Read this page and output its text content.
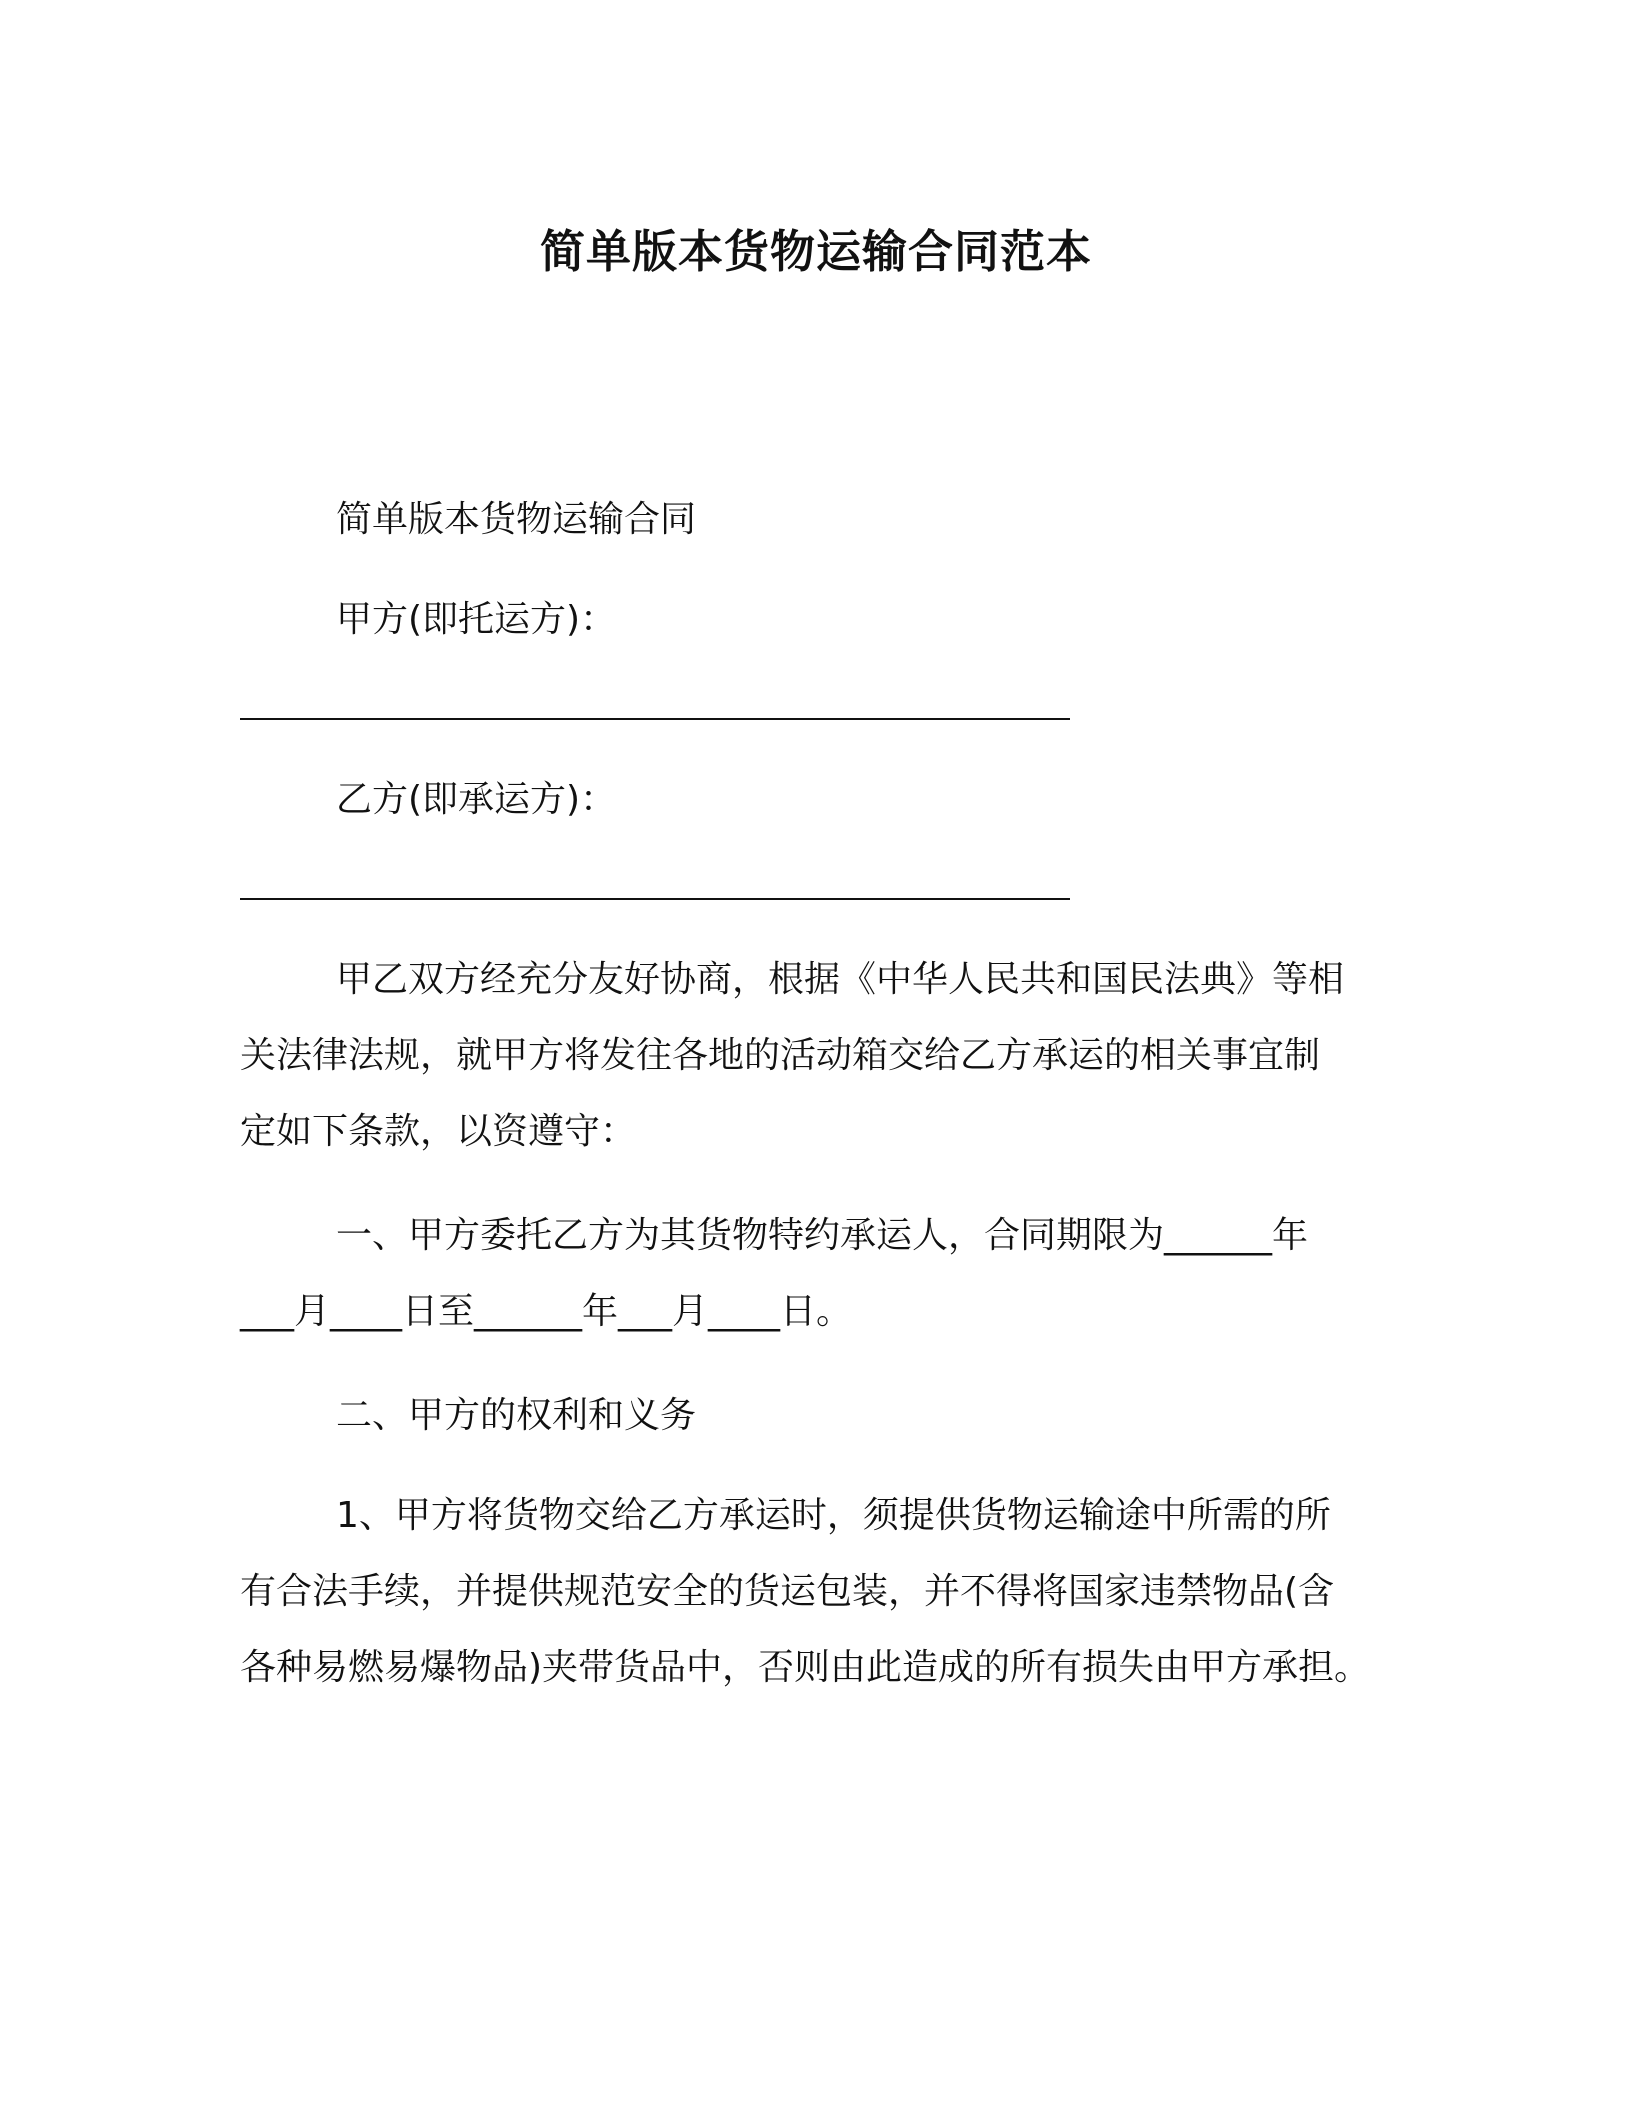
简单版本货物运输合同范本
简单版本货物运输合同
甲方(即托运方)：
乙方(即承运方)：
甲乙双方经充分友好协商，根据《中华人民共和国民法典》等相
关法律法规，就甲方将发往各地的活动箱交给乙方承运的相关事宜制
定如下条款，以资遵守：
一、甲方委托乙方为其货物特约承运人，合同期限为______年
___月____日至______年___月____日。
二、甲方的权利和义务
1、甲方将货物交给乙方承运时，须提供货物运输途中所需的所
有合法手续，并提供规范安全的货运包装，并不得将国家违禁物品(含
各种易燃易爆物品)夹带货品中，否则由此造成的所有损失由甲方承担。
